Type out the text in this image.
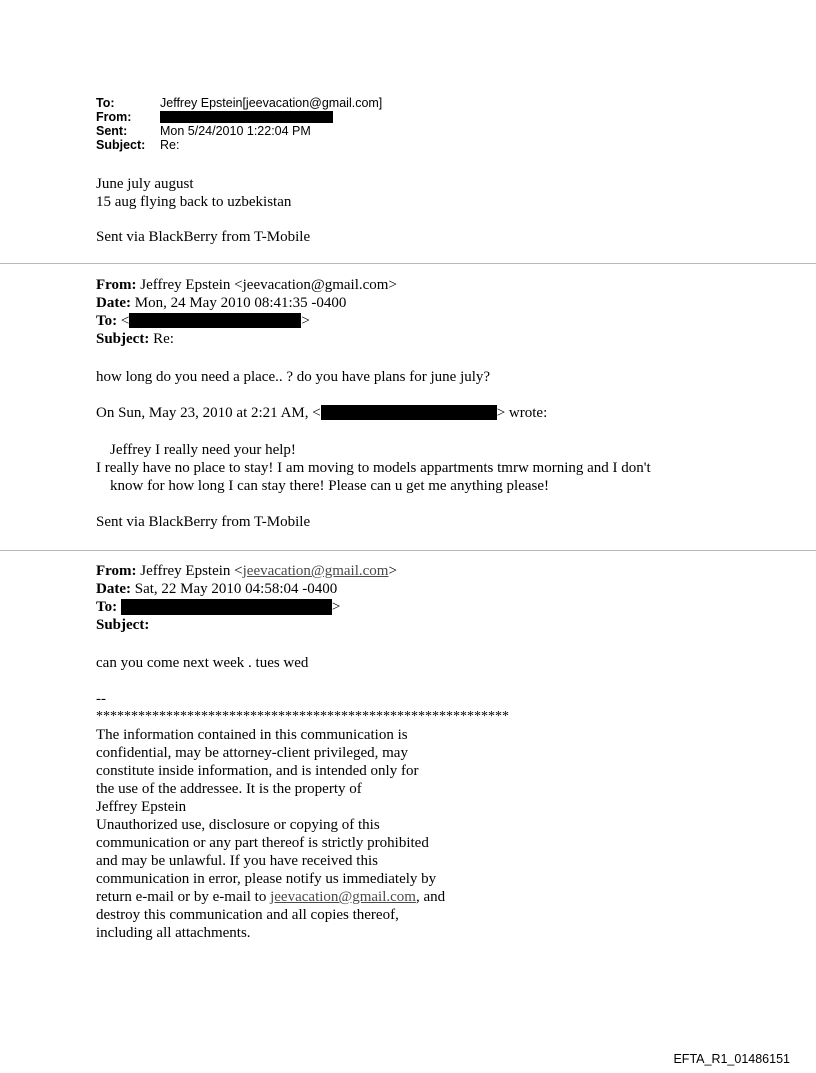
To:	Jeffrey Epstein[jeevacation@gmail.com]
From:
Sent:	Mon 5/24/2010 1:22:04 PM
Subject:	Re:

June july august

15 aug flying back to uzbekistan

Sent via BlackBerry from T-Mobile

From: Jeffrey Epstein <jeevacation@gmail.com>

Date: Mon, 24 May 2010 08:41:35 -0400

To: <	>

Subject: Re:

how long do you need a place.. ? do you have plans for june july?

On Sun, May 23, 2010 at 2:21 AM, <	> wrote:

Jeffrey I really need your help!

I really have no place to stay! I am moving to models appartments tmrw morning and I don't

know for how long I can stay there! Please can u get me anything please!

Sent via BlackBerry from T-Mobile

From: Jeffrey Epstein <jeevacation@gmail.com>

Date: Sat, 22 May 2010 04:58:04 -0400

To:	>

Subject:

can you come next week . tues wed

--

***********************************************************

The information contained in this communication is

confidential, may be attorney-client privileged, may

constitute inside information, and is intended only for

the use of the addressee. It is the property of

Jeffrey Epstein

Unauthorized use, disclosure or copying of this

communication or any part thereof is strictly prohibited

and may be unlawful. If you have received this

communication in error, please notify us immediately by

return e-mail or by e-mail to jeevacation@gmail.com, and

destroy this communication and all copies thereof,

including all attachments.

EFTA_R1_01486151
